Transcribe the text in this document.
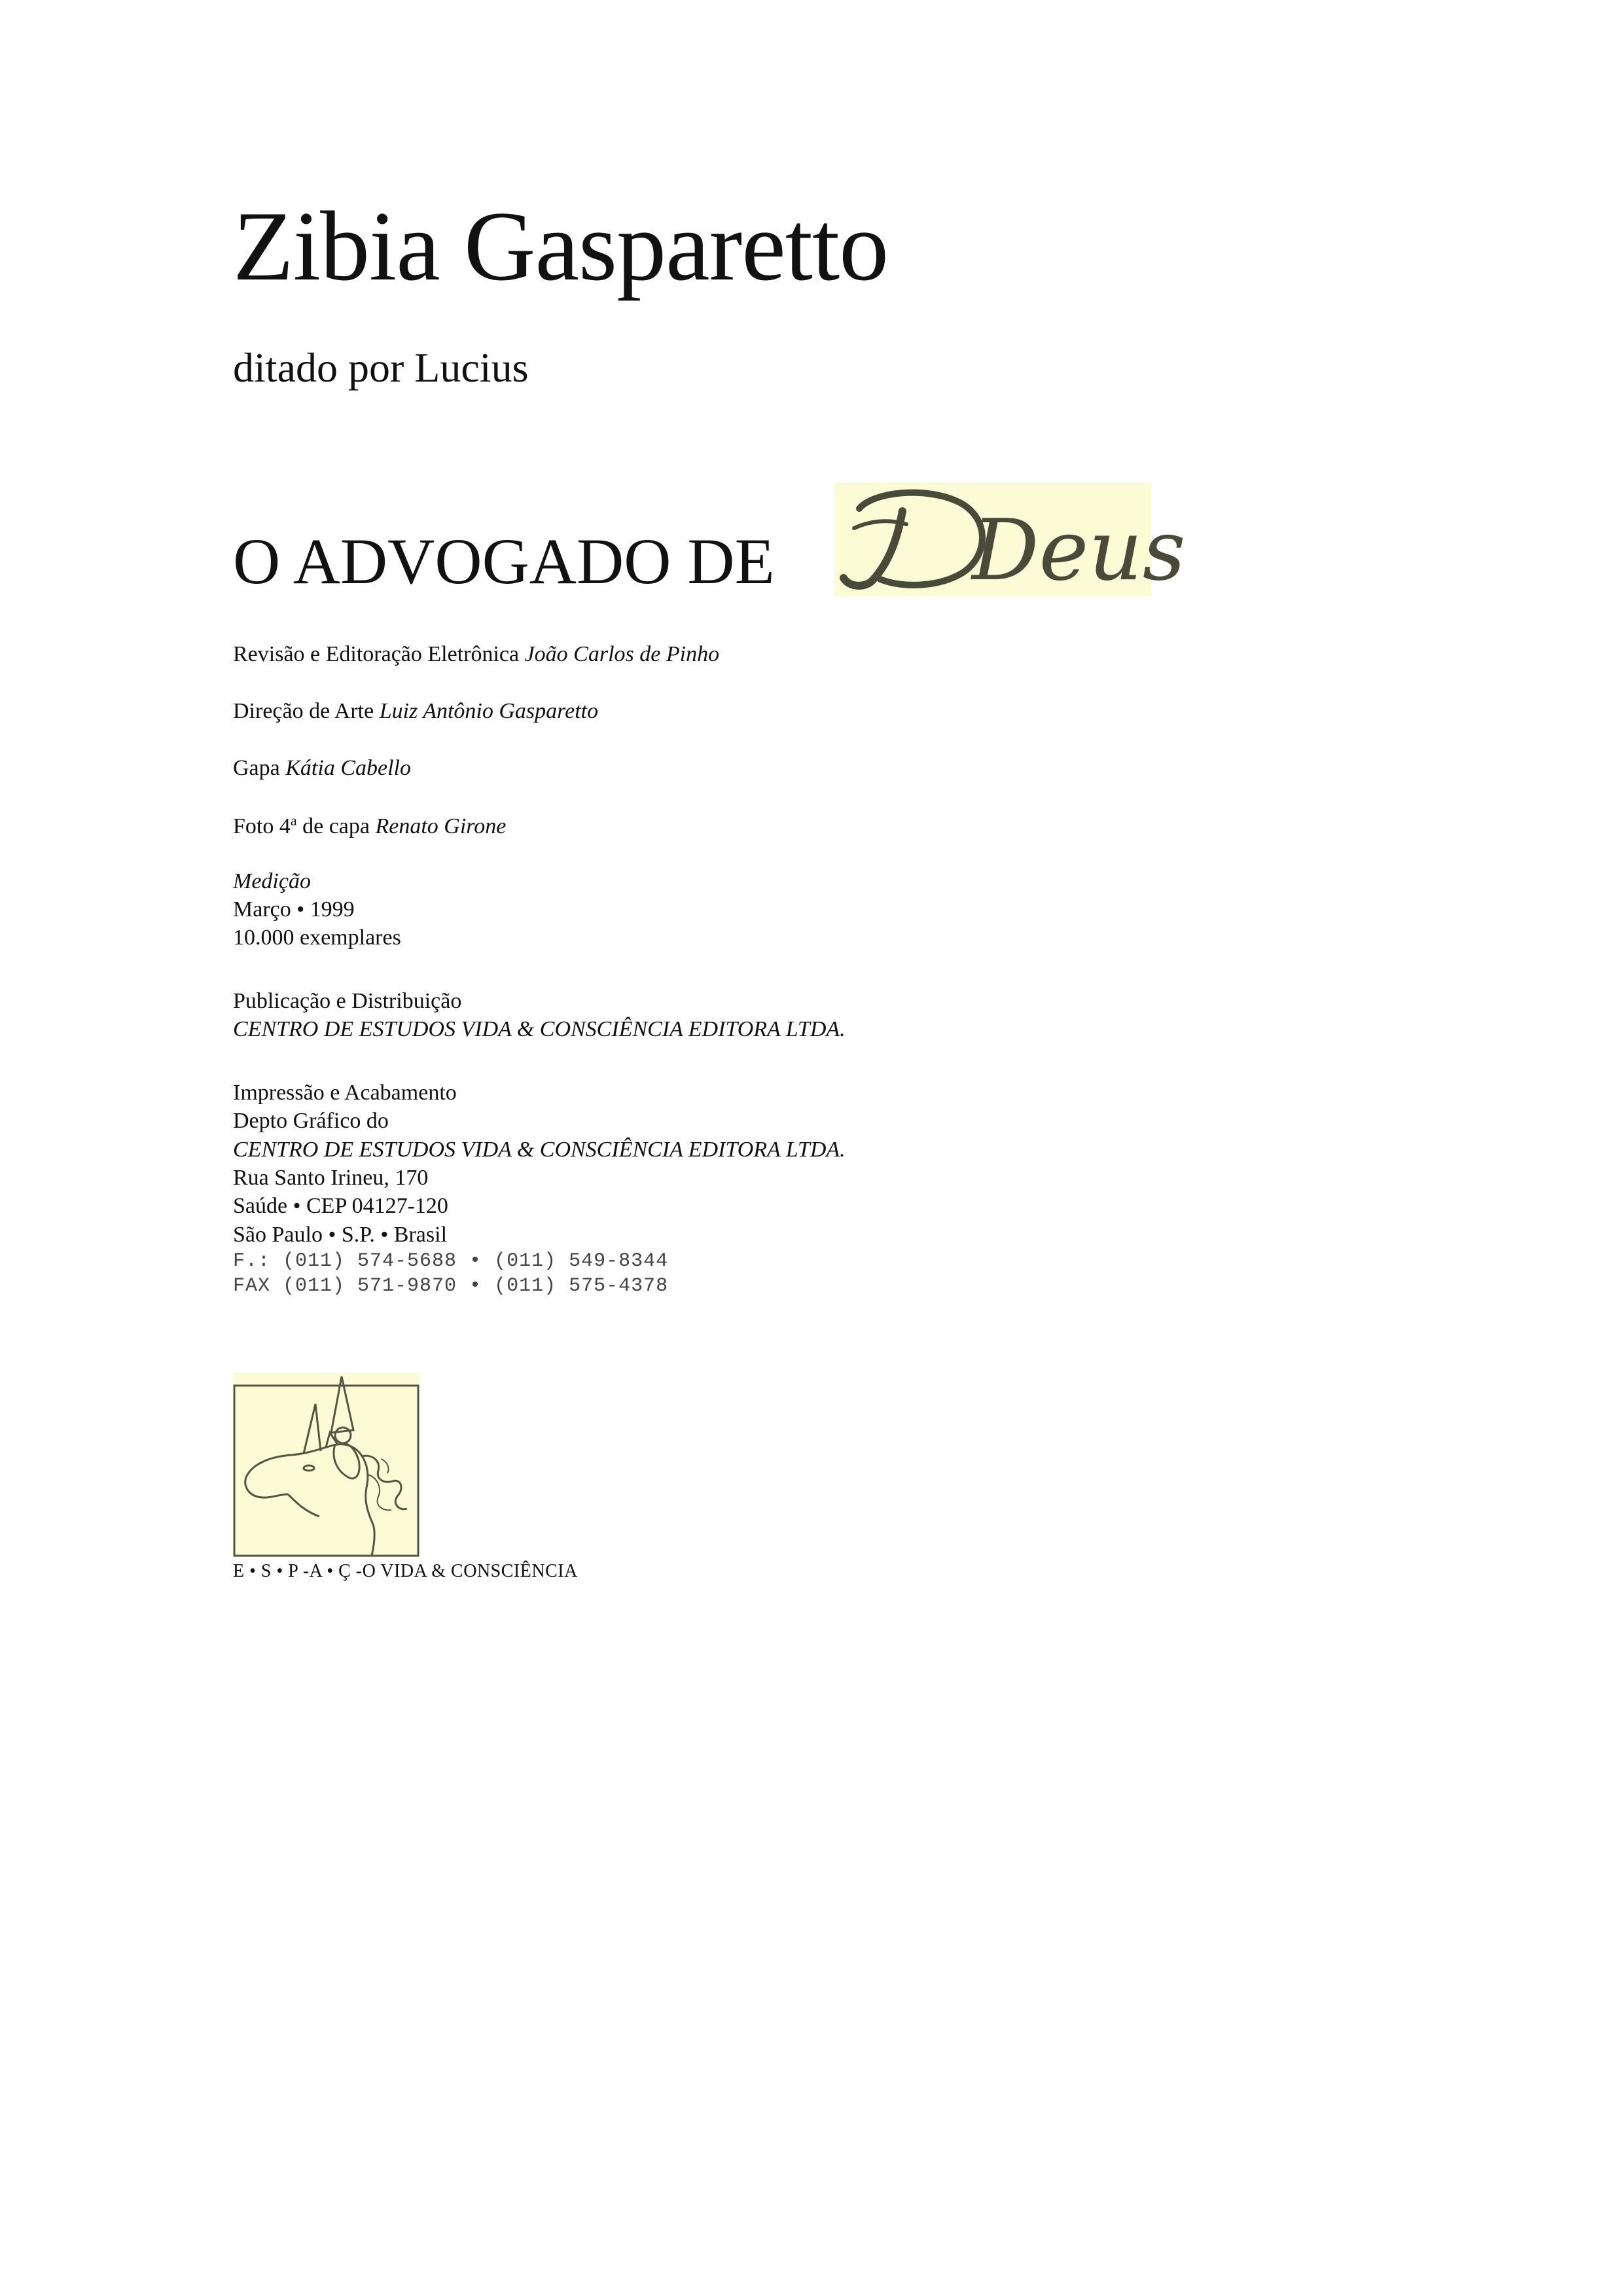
Zibia Gasparetto
ditado por Lucius
O ADVOGADO DE Deus
Revisão e Editoração Eletrônica João Carlos de Pinho
Direção de Arte Luiz Antônio Gasparetto
Gapa Kátia Cabello
Foto 4$^a$ de capa Renato Girone
Medição
Março • 1999
10.000 exemplares
Publicação e Distribuição
CENTRO DE ESTUDOS VIDA & CONSCIÊNCIA EDITORA LTDA.
Impressão e Acabamento
Depto Gráfico do
CENTRO DE ESTUDOS VIDA & CONSCIÊNCIA EDITORA LTDA.
Rua Santo Irineu, 170
Saúde • CEP 04127-120
São Paulo • S.P. • Brasil
F.: (011) 574-5688 • (011) 549-8344
FAX (011) 571-9870 • (011) 575-4378
E • S • P -A • Ç -O VIDA & CONSCIÊNCIA
